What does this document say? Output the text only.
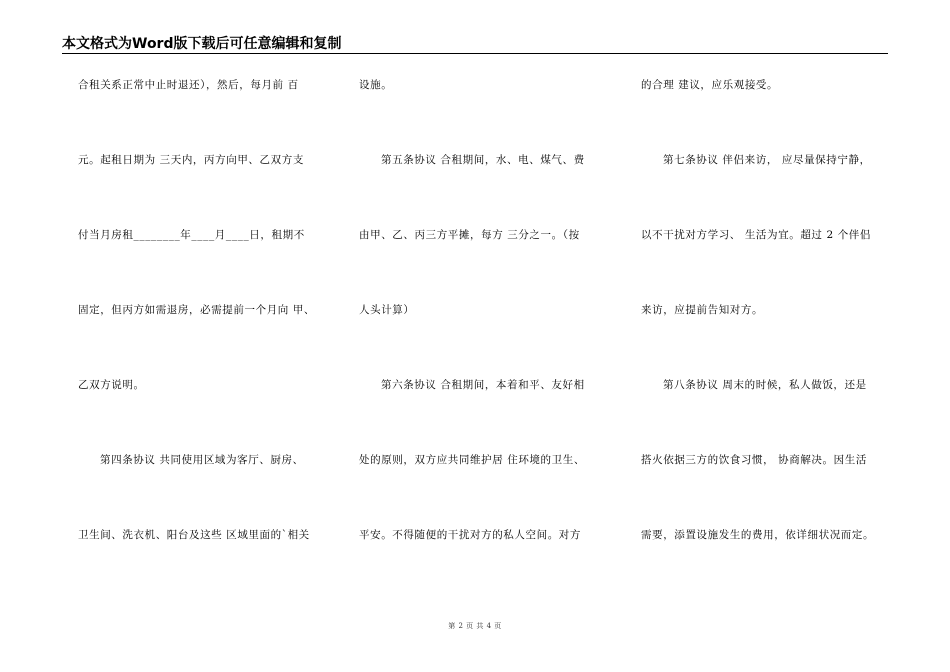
本文格式为Word版下载后可任意编辑和复制
合租关系正常中止时退还），然后，每月前 百
元。起租日期为 三天内，丙方向甲、乙双方支
付当月房租________年____月____日，租期不
固定，但丙方如需退房，必需提前一个月向 甲、
乙双方说明。
第四条协议 共同使用区域为客厅、厨房、
卫生间、洗衣机、阳台及这些 区域里面的`相关
设施。
第五条协议 合租期间，水、电、煤气、费
由甲、乙、丙三方平摊，每方 三分之一。（按
人头计算）
第六条协议 合租期间，本着和平、友好相
处的原则，双方应共同维护居 住环境的卫生、
平安。不得随便的干扰对方的私人空间。对方
的合理 建议，应乐观接受。
第七条协议 伴侣来访， 应尽量保持宁静，
以不干扰对方学习、 生活为宜。超过 2 个伴侣
来访，应提前告知对方。
第八条协议 周末的时候，私人做饭，还是
搭火依据三方的饮食习惯， 协商解决。因生活
需要，添置设施发生的费用，依详细状况而定。
第 2 页 共 4 页
